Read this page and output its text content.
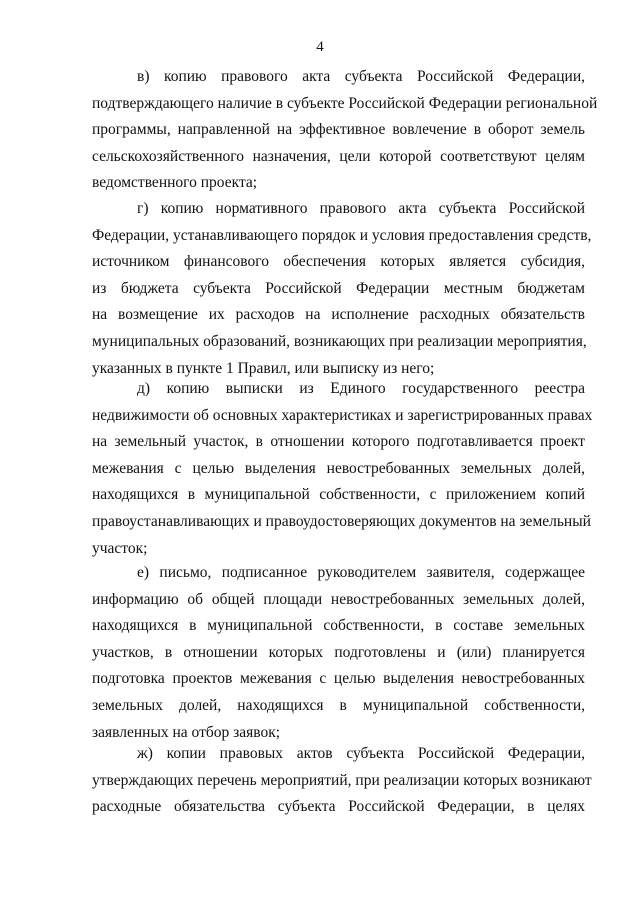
4
в) копию правового акта субъекта Российской Федерации,
подтверждающего наличие в субъекте Российской Федерации региональной
программы, направленной на эффективное вовлечение в оборот земель
сельскохозяйственного назначения, цели которой соответствуют целям
ведомственного проекта;
г) копию нормативного правового акта субъекта Российской
Федерации, устанавливающего порядок и условия предоставления средств,
источником финансового обеспечения которых является субсидия,
из бюджета субъекта Российской Федерации местным бюджетам
на возмещение их расходов на исполнение расходных обязательств
муниципальных образований, возникающих при реализации мероприятия,
указанных в пункте 1 Правил, или выписку из него;
д) копию выписки из Единого государственного реестра
недвижимости об основных характеристиках и зарегистрированных правах
на земельный участок, в отношении которого подготавливается проект
межевания с целью выделения невостребованных земельных долей,
находящихся в муниципальной собственности, с приложением копий
правоустанавливающих и правоудостоверяющих документов на земельный
участок;
е) письмо, подписанное руководителем заявителя, содержащее
информацию об общей площади невостребованных земельных долей,
находящихся в муниципальной собственности, в составе земельных
участков, в отношении которых подготовлены и (или) планируется
подготовка проектов межевания с целью выделения невостребованных
земельных долей, находящихся в муниципальной собственности,
заявленных на отбор заявок;
ж) копии правовых актов субъекта Российской Федерации,
утверждающих перечень мероприятий, при реализации которых возникают
расходные обязательства субъекта Российской Федерации, в целях
